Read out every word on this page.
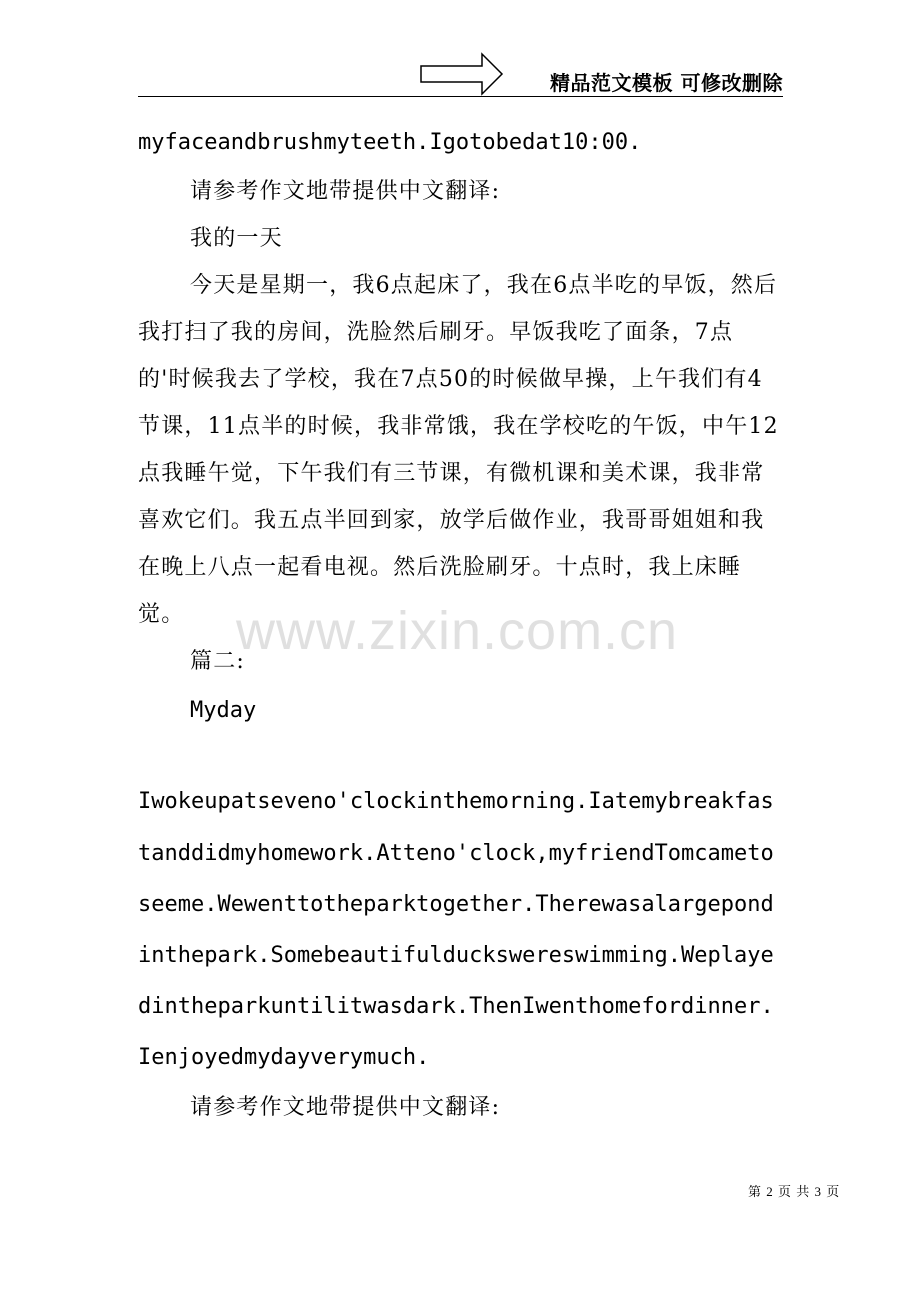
精品范文模板 可修改删除

myfaceandbrushmyteeth.Igotobedat10:00.

请参考作文地带提供中文翻译:

我的一天

今天是星期一，我6点起床了，我在6点半吃的早饭，然后我打扫了我的房间，洗脸然后刷牙。早饭我吃了面条，7点的'时候我去了学校，我在7点50的时候做早操，上午我们有4节课，11点半的时候，我非常饿，我在学校吃的午饭，中午12点我睡午觉，下午我们有三节课，有微机课和美术课，我非常喜欢它们。我五点半回到家，放学后做作业，我哥哥姐姐和我在晚上八点一起看电视。然后洗脸刷牙。十点时，我上床睡觉。

篇二:

Myday

Iwokeupatseveno'clockinthemorning.Iatemybreakfastanddidmyhomework.Atteno'clock,myfriendTomcametoseeme.Wewenttotheparktogether.Therewasalargepondinthepark.Somebeautifulduckswereswimming.Weplayedintheparkuntilitwasdark.ThenIwenthomefordinner.Ienjoyedmydayverymuch.

请参考作文地带提供中文翻译:

www.zixin.com.cn
第 2 页 共 3 页
